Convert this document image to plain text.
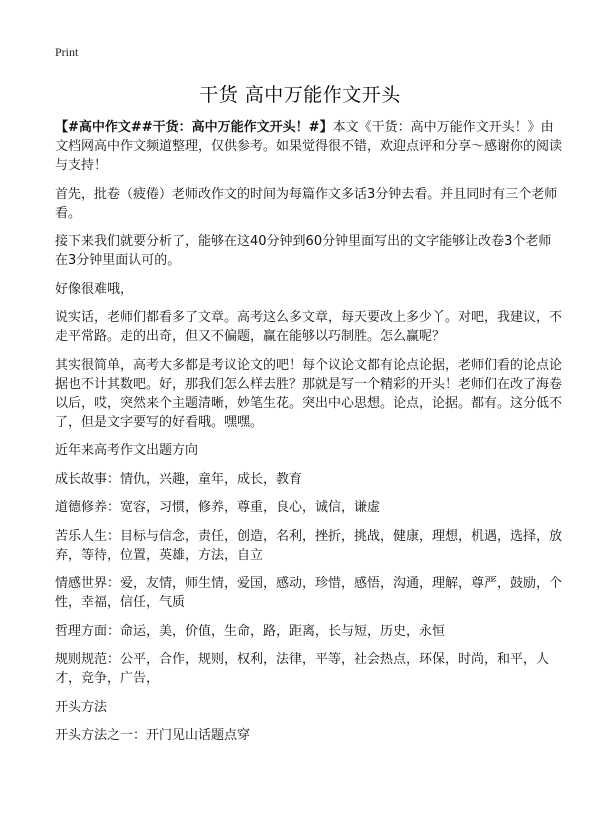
Print
干货 高中万能作文开头

【#高中作文##干货：高中万能作文开头！#】本文《干货：高中万能作文开头！》由文档网高中作文频道整理，仅供参考。如果觉得很不错，欢迎点评和分享～感谢你的阅读与支持！

首先，批卷（疲倦）老师改作文的时间为每篇作文多话3分钟去看。并且同时有三个老师看。

接下来我们就要分析了，能够在这40分钟到60分钟里面写出的文字能够让改卷3个老师在3分钟里面认可的。

好像很难哦，

说实话，老师们都看多了文章。高考这么多文章，每天要改上多少丫。对吧，我建议，不走平常路。走的出奇，但又不偏题，赢在能够以巧制胜。怎么赢呢？

其实很简单，高考大多都是考议论文的吧！每个议论文都有论点论据，老师们看的论点论据也不计其数吧。好，那我们怎么样去胜？那就是写一个精彩的开头！老师们在改了海卷以后，哎，突然来个主题清晰，妙笔生花。突出中心思想。论点，论据。都有。这分低不了，但是文字要写的好看哦。嘿嘿。

近年来高考作文出题方向

成长故事：情仇，兴趣，童年，成长，教育

道德修养：宽容，习惯，修养，尊重，良心，诚信，谦虚

苦乐人生：目标与信念，责任，创造，名利，挫折，挑战，健康，理想，机遇，选择，放弃，等待，位置，英雄，方法，自立

情感世界：爱，友情，师生情，爱国，感动，珍惜，感悟，沟通，理解，尊严，鼓励，个性，幸福，信任，气质

哲理方面：命运，美，价值，生命，路，距离，长与短，历史，永恒

规则规范：公平，合作，规则，权利，法律，平等，社会热点，环保，时尚，和平，人才，竞争，广告，

开头方法

开头方法之一：开门见山话题点穿
